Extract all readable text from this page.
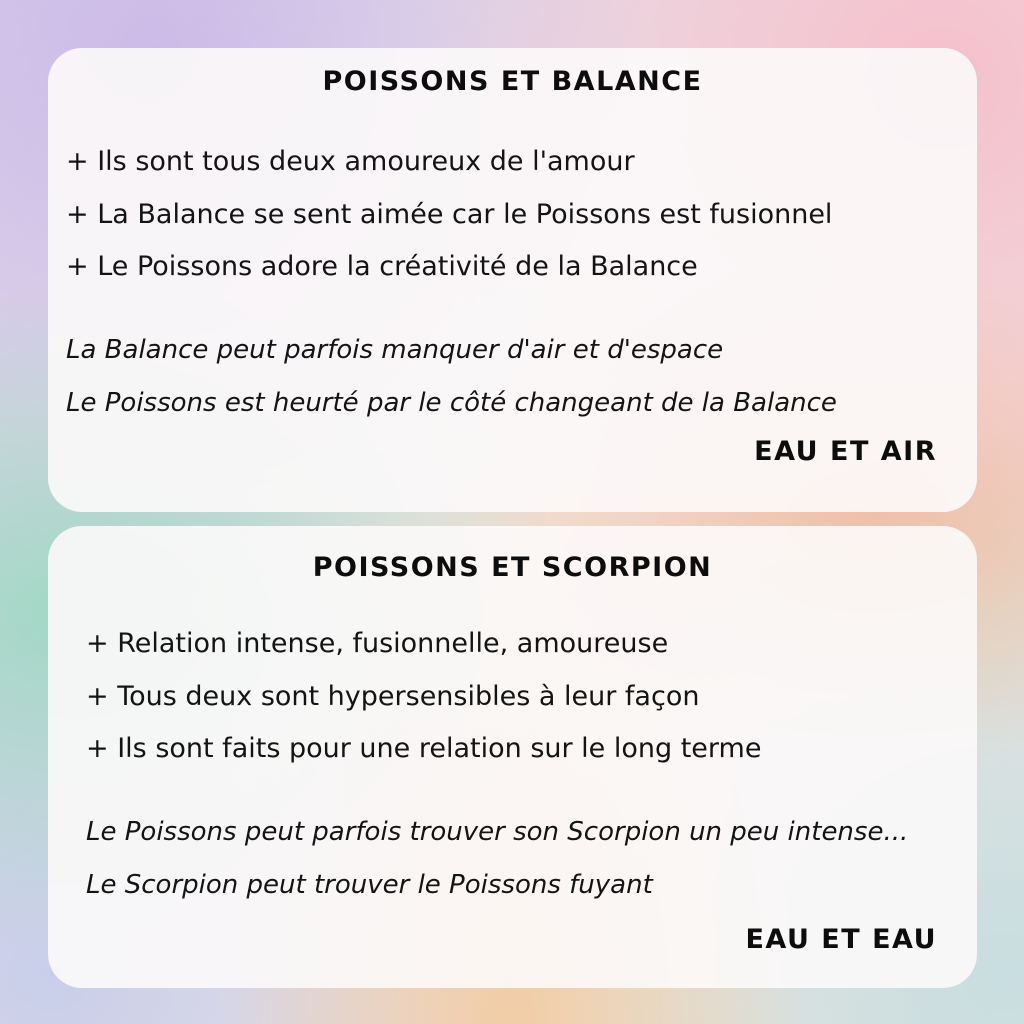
POISSONS ET BALANCE
+ Ils sont tous deux amoureux de l'amour
+ La Balance se sent aimée car le Poissons est fusionnel
+ Le Poissons adore la créativité de la Balance
La Balance peut parfois manquer d'air et d'espace
Le Poissons est heurté par le côté changeant de la Balance
EAU ET AIR
POISSONS ET SCORPION
+ Relation intense, fusionnelle, amoureuse
+ Tous deux sont hypersensibles à leur façon
+ Ils sont faits pour une relation sur le long terme
Le Poissons peut parfois trouver son Scorpion un peu intense...
Le Scorpion peut trouver le Poissons fuyant
EAU ET EAU
